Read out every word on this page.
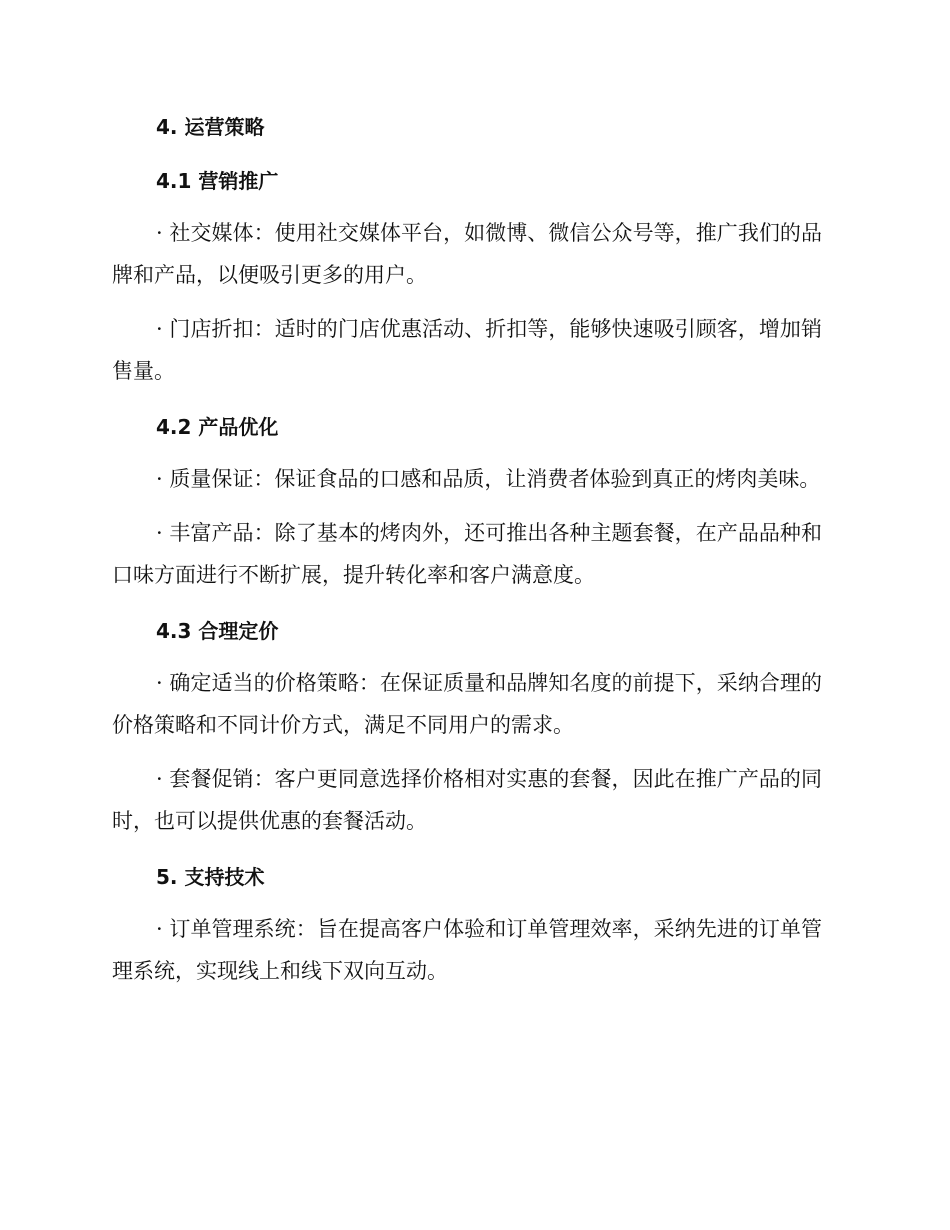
4. 运营策略
4.1 营销推广

· 社交媒体：使用社交媒体平台，如微博、微信公众号等，推广我们的品牌和产品，以便吸引更多的用户。

· 门店折扣：适时的门店优惠活动、折扣等，能够快速吸引顾客，增加销售量。

4.2 产品优化

· 质量保证：保证食品的口感和品质，让消费者体验到真正的烤肉美味。

· 丰富产品：除了基本的烤肉外，还可推出各种主题套餐，在产品品种和口味方面进行不断扩展，提升转化率和客户满意度。

4.3 合理定价

· 确定适当的价格策略：在保证质量和品牌知名度的前提下，采纳合理的价格策略和不同计价方式，满足不同用户的需求。

· 套餐促销：客户更同意选择价格相对实惠的套餐，因此在推广产品的同时，也可以提供优惠的套餐活动。

5. 支持技术

· 订单管理系统：旨在提高客户体验和订单管理效率，采纳先进的订单管理系统，实现线上和线下双向互动。
